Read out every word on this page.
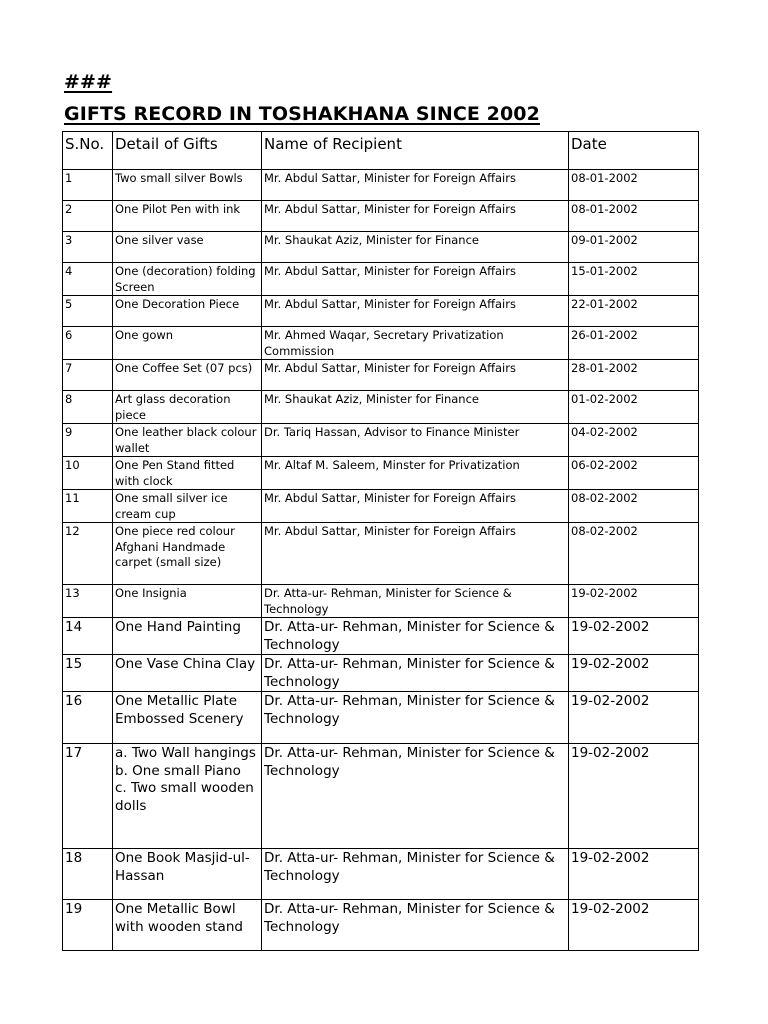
###
GIFTS RECORD IN TOSHAKHANA SINCE 2002
S.No.	Detail of Gifts	Name of Recipient	Date
1	Two small silver Bowls	Mr. Abdul Sattar, Minister for Foreign Affairs	08-01-2002
2	One Pilot Pen with ink	Mr. Abdul Sattar, Minister for Foreign Affairs	08-01-2002
3	One silver vase	Mr. Shaukat Aziz, Minister for Finance	09-01-2002
4	One (decoration) folding Screen	Mr. Abdul Sattar, Minister for Foreign Affairs	15-01-2002
5	One Decoration Piece	Mr. Abdul Sattar, Minister for Foreign Affairs	22-01-2002
6	One gown	Mr. Ahmed Waqar, Secretary Privatization Commission	26-01-2002
7	One Coffee Set (07 pcs)	Mr. Abdul Sattar, Minister for Foreign Affairs	28-01-2002
8	Art glass decoration piece	Mr. Shaukat Aziz, Minister for Finance	01-02-2002
9	One leather black colour wallet	Dr. Tariq Hassan, Advisor to Finance Minister	04-02-2002
10	One Pen Stand fitted with clock	Mr. Altaf M. Saleem, Minster for Privatization	06-02-2002
11	One small silver ice cream cup	Mr. Abdul Sattar, Minister for Foreign Affairs	08-02-2002
12	One piece red colour Afghani Handmade carpet (small size)	Mr. Abdul Sattar, Minister for Foreign Affairs	08-02-2002
13	One Insignia	Dr. Atta-ur- Rehman, Minister for Science & Technology	19-02-2002
14	One Hand Painting	Dr. Atta-ur- Rehman, Minister for Science & Technology	19-02-2002
15	One Vase China Clay	Dr. Atta-ur- Rehman, Minister for Science & Technology	19-02-2002
16	One Metallic Plate Embossed Scenery	Dr. Atta-ur- Rehman, Minister for Science & Technology	19-02-2002
17	a. Two Wall hangings
b. One small Piano
c. Two small wooden dolls	Dr. Atta-ur- Rehman, Minister for Science & Technology	19-02-2002
18	One Book Masjid-ul- Hassan	Dr. Atta-ur- Rehman, Minister for Science & Technology	19-02-2002
19	One Metallic Bowl with wooden stand	Dr. Atta-ur- Rehman, Minister for Science & Technology	19-02-2002
